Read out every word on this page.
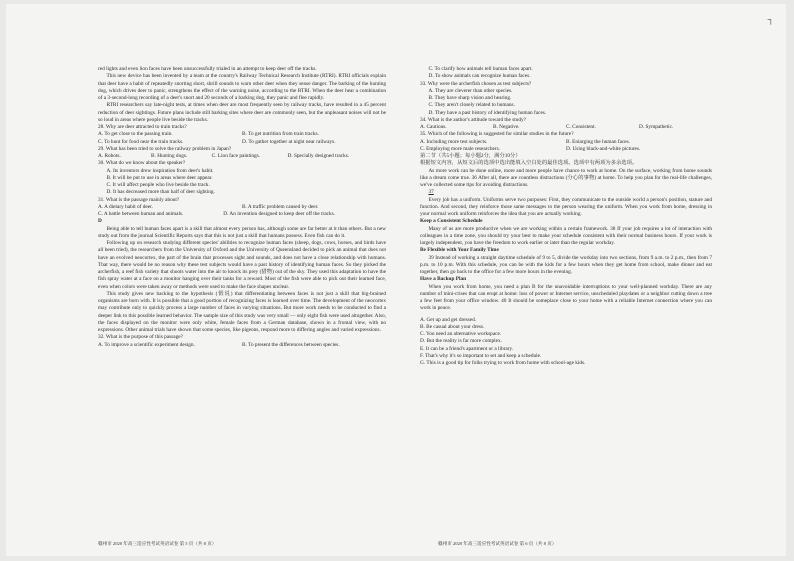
┐

red lights and even lion faces have been unsuccessfully trialed in an attempt to keep deer off the tracks.

This new device has been invented by a team at the country's Railway Technical Research Institute (RTRI). RTRI officials explain that deer have a habit of repeatedly snorting short, shrill sounds to warn other deer when they sense danger. The barking of the hunting dog, which drives deer to panic, strengthens the effect of the warning noise, according to the RTRI. When the deer hear a combination of a 3-second-long recording of a deer's snort and 20 seconds of a barking dog, they panic and flee rapidly.

RTRI researchers say late-night tests, at times when deer are most frequently seen by railway tracks, have resulted in a 45 percent reduction of deer sightings. Future plans include still barking sites where deer are commonly seen, but the unpleasant noises will not be so loud in areas where people live beside the tracks.

28. Why are deer attracted to train tracks?

A. To get close to the passing train.	B. To get nutrition from train tracks.
C. To hunt for food near the train tracks.	D. To gather together at night near railways.

29. What has been tried to solve the railway problem in Japan?

A. Robots.	B. Hunting dogs.	C. Lion face paintings.	D. Specially designed tracks.

30. What do we know about the speaker?

A. Its inventors drew inspiration from deer's habit.

B. It will be put to use in areas where deer appear.

C. It will affect people who live beside the track.

D. It has decreased more than half of deer sighting.

31. What is the passage mainly about?

A. A dietary habit of deer.	B. A traffic problem caused by deer.
C. A battle between human and animals.	D. An invention designed to keep deer off the tracks.

D

Being able to tell human faces apart is a skill that almost every person has, although some are far better at it than others. But a new study out from the journal Scientific Reports says that this is not just a skill that humans possess. Even fish can do it.

Following up on research studying different species' abilities to recognize human faces (sheep, dogs, cows, horses, and birds have all been tried), the researchers from the University of Oxford and the University of Queensland decided to pick an animal that does not have an evolved neocortex, the part of the brain that processes sight and sounds, and does not have a close relationship with humans. That way, there would be no reason why these test subjects would have a past history of identifying human faces. So they picked the archerfish, a reef fish variety that shoots water into the air to knock its prey (猎物) out of the sky. They used this adaptation to have the fish spray water at a face on a monitor hanging over their tanks for a reward. Most of the fish were able to pick out their learned face, even when colors were taken away or methods were used to make the face shapes unclear.

This study gives new backing to the hypothesis (假说) that differentiating between faces is not just a skill that big-brained organisms are born with. It is possible that a good portion of recognizing faces is learned over time. The development of the neocortex may contribute only to quickly process a large number of faces in varying situations. But more work needs to be conducted to find a deeper link to this possible learned behavior. The sample size of this study was very small — only eight fish were used altogether. Also, the faces displayed on the monitor were only white, female faces from a German database, shown in a frontal view, with no expressions. Other animal trials have shown that some species, like pigeons, respond more to differing angles and varied expressions.

32. What is the purpose of this passage?

A. To improve a scientific experiment design.	B. To present the differences between species.

C. To clarify how animals tell human faces apart.

D. To show animals can recognize human faces.

33. Why were the archerfish chosen as test subjects?

A. They are cleverer than other species.

B. They have sharp vision and hearing.

C. They aren't closely related to humans.

D. They have a past history of identifying human faces.

34. What is the author's attitude toward the study?

A. Cautious.	B. Negative.	C. Consistent.	D. Sympathetic.

35. Which of the following is suggested for similar studies in the future?

A. Including more test subjects.	B. Enlarging the human faces.
C. Employing more male researchers.	D. Using black-and-white pictures.

第二节（共5小题；每小题2分，满分10分）

根据短文内容，从短文后的选项中选出能填入空白处的最佳选项。选项中有两项为多余选项。

As more work can be done online, more and more people have chance to work at home. On the surface, working from home sounds like a dream come true. 36 After all, there are countless distractions (分心的事物) at home. To help you plan for the real-life challenges, we've collected some tips for avoiding distractions.

37

Every job has a uniform. Uniforms serve two purposes: First, they communicate to the outside world a person's position, stature and function. And second, they reinforce those same messages to the person wearing the uniform. When you work from home, dressing in your normal work uniform reinforces the idea that you are actually working.

Keep a Consistent Schedule

Many of us are more productive when we are working within a certain framework. 38 If your job requires a lot of interaction with colleagues in a time zone, you should try your best to make your schedule consistent with their normal business hours. If your work is largely independent, you have the freedom to work earlier or later than the regular workday.

Be Flexible with Your Family Time

39 Instead of working a straight daytime schedule of 9 to 5, divide the workday into two sections, from 9 a.m. to 2 p.m., then from 7 p.m. to 10 p.m. With this schedule, you can be with the kids for a few hours when they get home from school, make dinner and eat together, then go back to the office for a few more hours in the evening.

Have a Backup Plan

When you work from home, you need a plan B for the unavoidable interruptions to your well-planned workday. There are any number of mini-crises that can erupt at home: loss of power or Internet service, unscheduled playdates or a neighbor cutting down a tree a few feet from your office window. 40 It should be someplace close to your home with a reliable Internet connection where you can work in peace.

A. Get up and get dressed.

B. Be casual about your dress.

C. You need an alternative workspace.

D. But the reality is far more complex.

E. It can be a friend's apartment or a library.

F. That's why it's so important to set and keep a schedule.

G. This is a good tip for folks trying to work from home with school-age kids.

赣州市 2020 年高三适应性考试英语试卷 第 5 页（共 8 页）	赣州市 2020 年高三适应性考试英语试卷 第 6 页（共 8 页）
